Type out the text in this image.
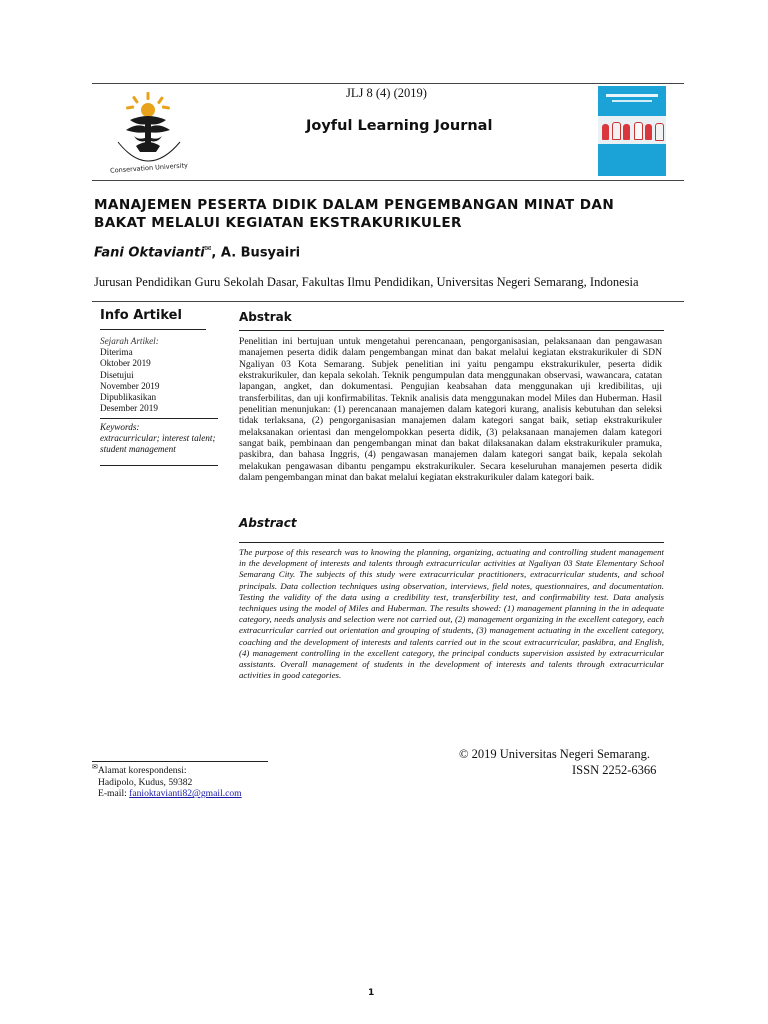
Conservation University
JLJ 8 (4) (2019)
Joyful Learning Journal
MANAJEMEN PESERTA DIDIK DALAM PENGEMBANGAN MINAT DAN BAKAT MELALUI KEGIATAN EKSTRAKURIKULER
Fani Oktavianti✉, A. Busyairi
Jurusan Pendidikan Guru Sekolah Dasar, Fakultas Ilmu Pendidikan, Universitas Negeri Semarang, Indonesia
Info Artikel
Sejarah Artikel:
Diterima
Oktober 2019
Disetujui
November 2019
Dipublikasikan
Desember 2019
Keywords:
extracurricular; interest talent; student management
Abstrak
Penelitian ini bertujuan untuk mengetahui perencanaan, pengorganisasian, pelaksanaan dan pengawasan manajemen peserta didik dalam pengembangan minat dan bakat melalui kegiatan ekstrakurikuler di SDN Ngaliyan 03 Kota Semarang. Subjek penelitian ini yaitu pengampu ekstrakurikuler, peserta didik ekstrakurikuler, dan kepala sekolah. Teknik pengumpulan data menggunakan observasi, wawancara, catatan lapangan, angket, dan dokumentasi. Pengujian keabsahan data menggunakan uji kredibilitas, uji transferbilitas, dan uji konfirmabilitas. Teknik analisis data menggunakan model Miles dan Huberman. Hasil penelitian menunjukan: (1) perencanaan manajemen dalam kategori kurang, analisis kebutuhan dan seleksi tidak terlaksana, (2) pengorganisasian manajemen dalam kategori sangat baik, setiap ekstrakurikuler melaksanakan orientasi dan mengelompokkan peserta didik, (3) pelaksanaan manajemen dalam kategori sangat baik, pembinaan dan pengembangan minat dan bakat dilaksanakan dalam ekstrakurikuler pramuka, paskibra, dan bahasa Inggris, (4) pengawasan manajemen dalam kategori sangat baik, kepala sekolah melakukan pengawasan dibantu pengampu ekstrakurikuler. Secara keseluruhan manajemen peserta didik dalam pengembangan minat dan bakat melalui kegiatan ekstrakurikuler dalam kategori baik.
Abstract
The purpose of this research was to knowing the planning, organizing, actuating and controlling student management in the development of interests and talents through extracurricular activities at Ngaliyan 03 State Elementary School Semarang City. The subjects of this study were extracurricular practitioners, extracurricular students, and school principals. Data collection techniques using observation, interviews, field notes, questionnaires, and documentation. Testing the validity of the data using a credibility test, transferbility test, and confirmability test. Data analysis techniques using the model of Miles and Huberman. The results showed: (1) management planning in the in adequate category, needs analysis and selection were not carried out, (2) management organizing in the excellent category, each extracurricular carried out orientation and grouping of students, (3) management actuating in the excellent category, coaching and the development of interests and talents carried out in the scout extracurricular, paskibra, and English, (4) management controlling in the excellent category, the principal conducts supervision assisted by extracurricular assistants. Overall management of students in the development of interests and talents through extracurricular activities in good categories.
© 2019 Universitas Negeri Semarang.
ISSN 2252-6366
✉Alamat korespondensi:
Hadipolo, Kudus, 59382
E-mail: fanioktavianti82@gmail.com
1
